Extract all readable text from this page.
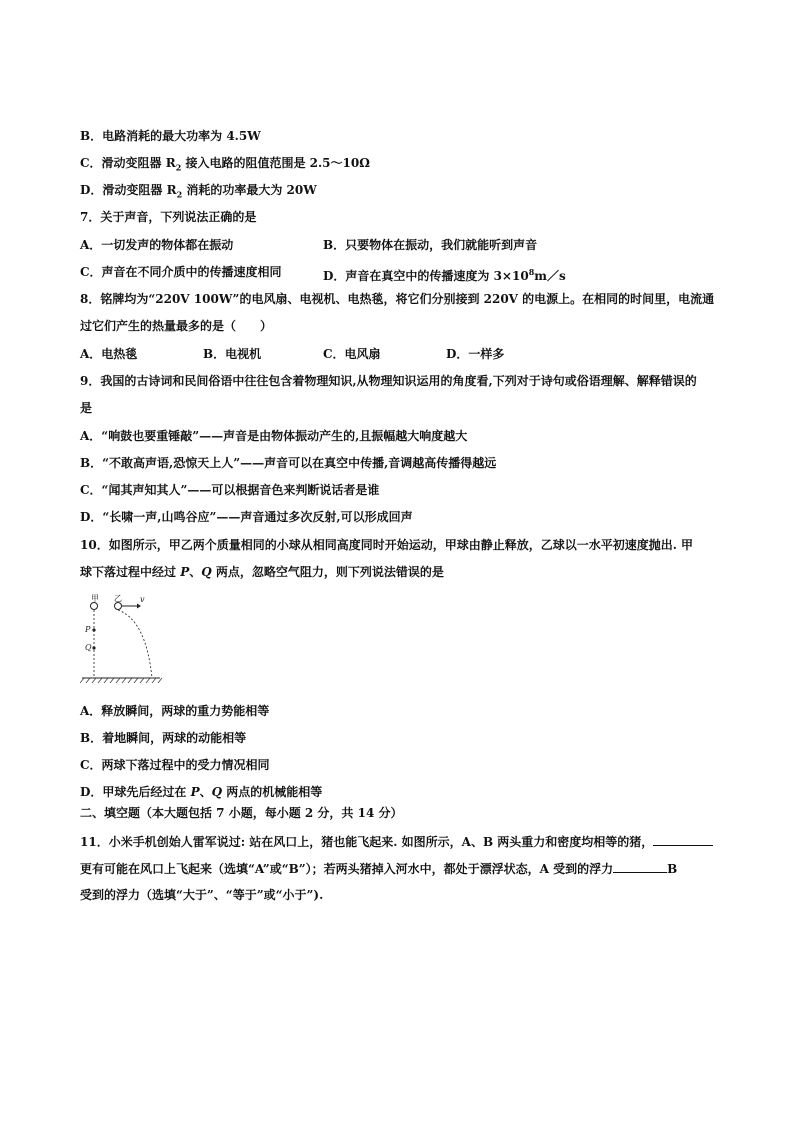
B．电路消耗的最大功率为 4.5W
C．滑动变阻器 $R_2$ 接入电路的阻值范围是 2.5～10Ω
D．滑动变阻器 $R_2$ 消耗的功率最大为 20W
7．关于声音，下列说法正确的是
A．一切发声的物体都在振动	B．只要物体在振动，我们就能听到声音
C．声音在不同介质中的传播速度相同	D．声音在真空中的传播速度为 $3\times 10^8m/s$
8．铭牌均为“220V 100W”的电风扇、电视机、电热毯，将它们分别接到 220V 的电源上。在相同的时间里，电流通
过它们产生的热量最多的是（　　）
A．电热毯	B．电视机	C．电风扇	D．一样多
9．我国的古诗词和民间俗语中往往包含着物理知识,从物理知识运用的角度看,下列对于诗句或俗语理解、解释错误的
是
A．“响鼓也要重锤敲”——声音是由物体振动产生的,且振幅越大响度越大
B．“不敢高声语,恐惊天上人”——声音可以在真空中传播,音调越高传播得越远
C．“闻其声知其人”——可以根据音色来判断说话者是谁
D．“长啸一声,山鸣谷应”——声音通过多次反射,可以形成回声
10．如图所示，甲乙两个质量相同的小球从相同高度同时开始运动，甲球由静止释放，乙球以一水平初速度抛出. 甲
球下落过程中经过 P、Q 两点，忽略空气阻力，则下列说法错误的是
甲
P
Q
乙 v
A．释放瞬间，两球的重力势能相等
B．着地瞬间，两球的动能相等
C．两球下落过程中的受力情况相同
D．甲球先后经过在 P、Q 两点的机械能相等
二、填空题（本大题包括 7 小题，每小题 2 分，共 14 分）
11．小米手机创始人雷军说过: 站在风口上，猪也能飞起来. 如图所示，A、B 两头重力和密度均相等的猪，
更有可能在风口上飞起来（选填“A”或“B”）；若两头猪掉入河水中，都处于漂浮状态，A 受到的浮力	B
受到的浮力（选填“大于”、“等于”或“小于”).
